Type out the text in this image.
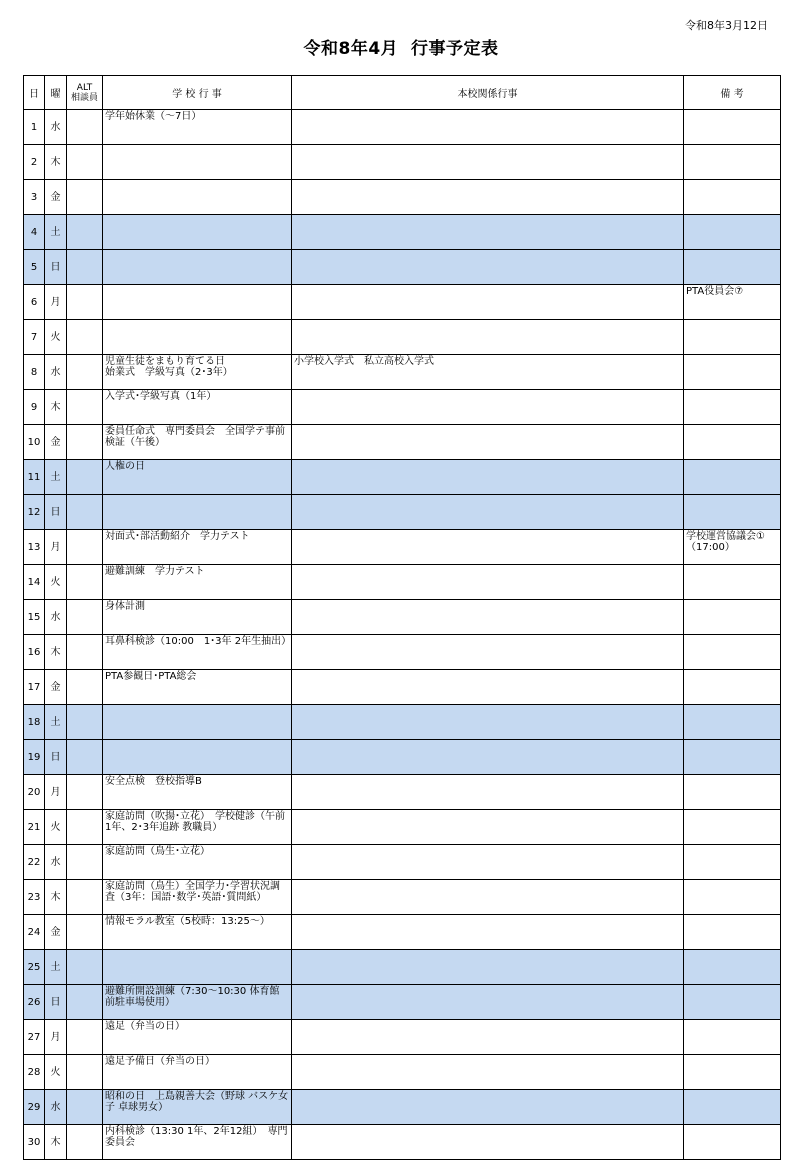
令和8年3月12日
令和8年4月  行事予定表
日	曜	ALT
相談員	学 校 行 事	本校関係行事	備 考
1	水		学年始休業（～7日）		
2	木				
3	金				
4	土				
5	日				
6	月				PTA役員会⑦
7	火				
8	水		児童生徒をまもり育てる日
始業式　学級写真（2･3年）	小学校入学式　私立高校入学式	
9	木		入学式･学級写真（1年）		
10	金		委員任命式　専門委員会　全国学テ事前検証（午後）		
11	土		人権の日		
12	日				
13	月		対面式･部活動紹介　学力テスト		学校運営協議会①（17:00）
14	火		避難訓練　学力テスト		
15	水		身体計測		
16	木		耳鼻科検診（10:00　1･3年 2年生抽出）		
17	金		PTA参観日･PTA総会		
18	土				
19	日				
20	月		安全点検　登校指導B		
21	火		家庭訪問（吹揚･立花）　学校健診（午前　1年、2･3年追跡 教職員）		
22	水		家庭訪問（鳥生･立花）		
23	木		家庭訪問（鳥生）全国学力･学習状況調査（3年：国語･数学･英語･質問紙）		
24	金		情報モラル教室（5校時：13:25～）		
25	土				
26	日		避難所開設訓練（7:30～10:30 体育館前駐車場使用）		
27	月		遠足（弁当の日）		
28	火		遠足予備日（弁当の日）		
29	水		昭和の日　上島親善大会（野球 バスケ女子 卓球男女）		
30	木		内科検診（13:30 1年、2年12組）　専門委員会		
